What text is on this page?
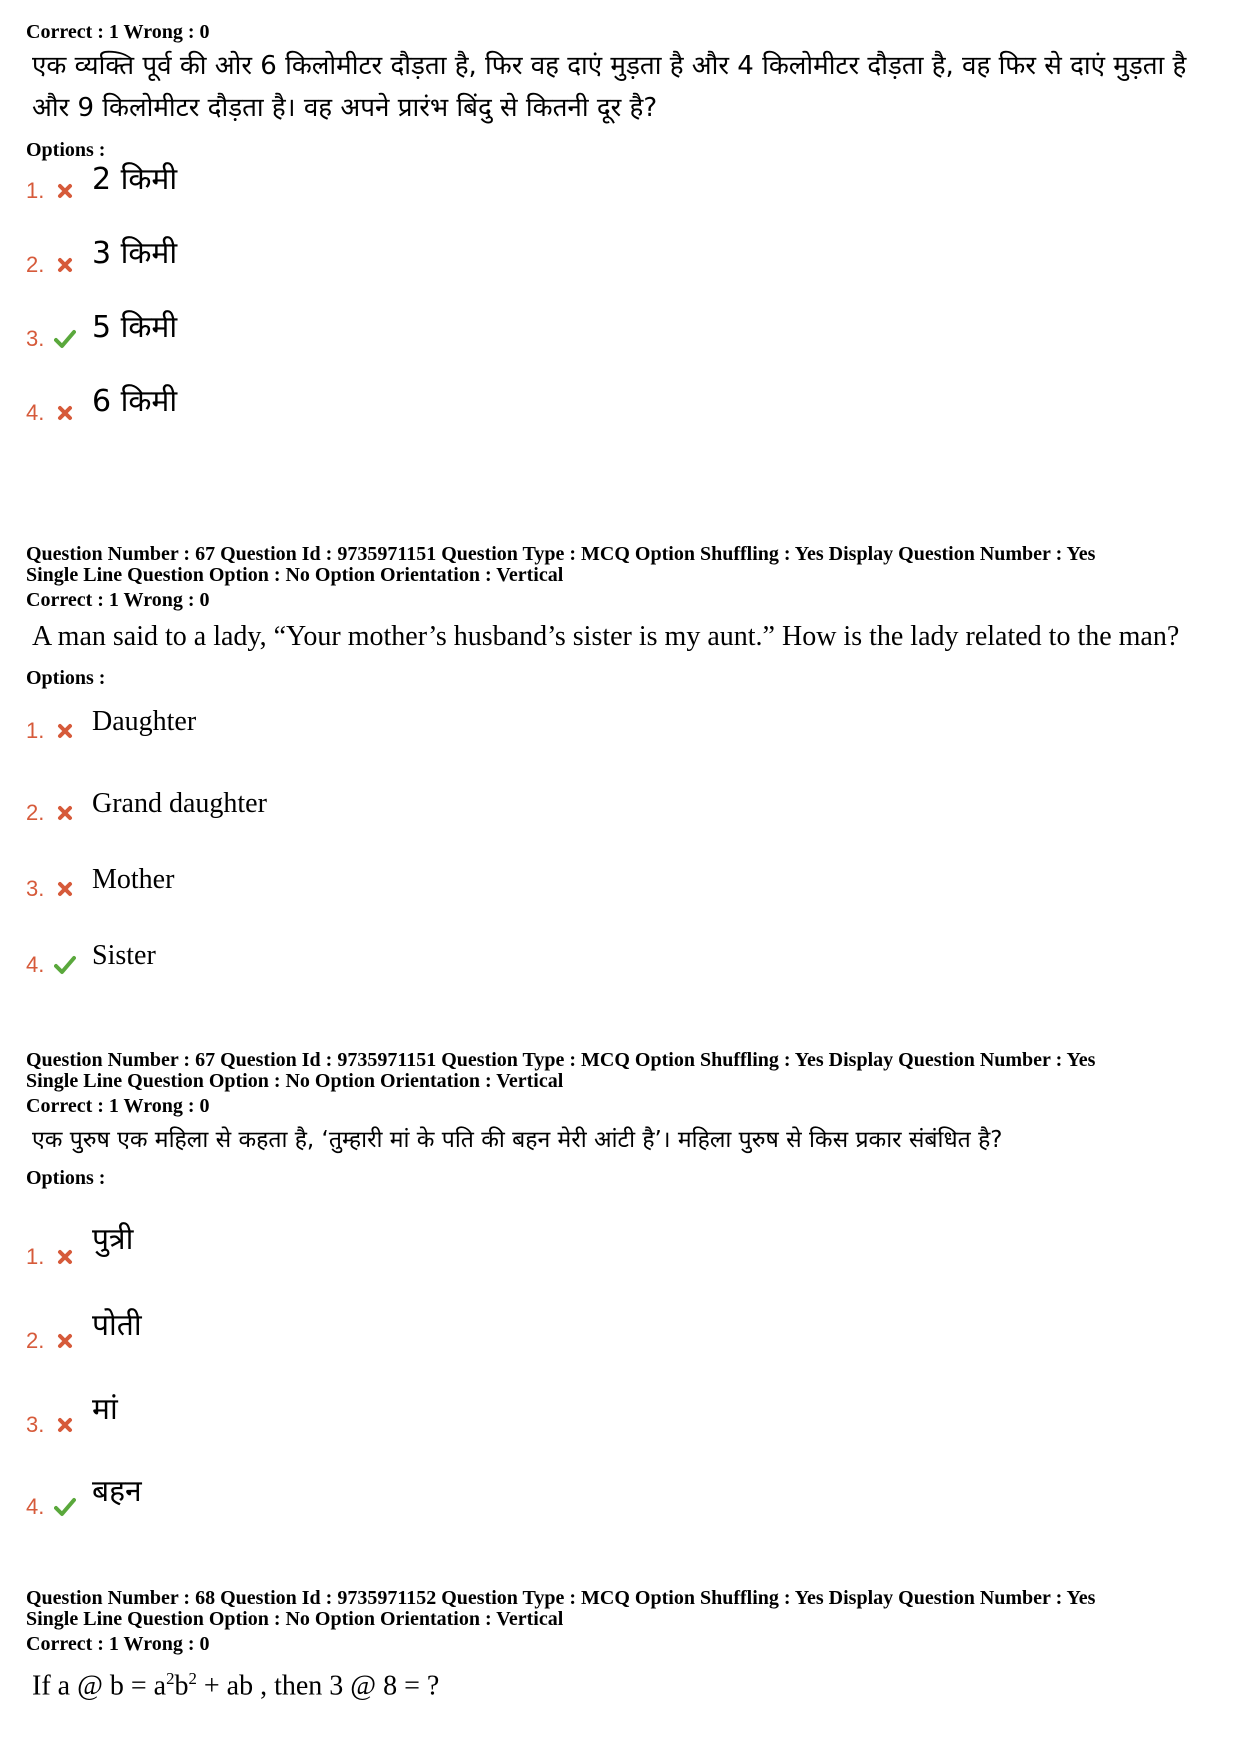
Correct : 1 Wrong : 0
एक व्यक्ति पूर्व की ओर 6 किलोमीटर दौड़ता है, फिर वह दाएं मुड़ता है और 4 किलोमीटर दौड़ता है, वह फिर से दाएं मुड़ता है और 9 किलोमीटर दौड़ता है। वह अपने प्रारंभ बिंदु से कितनी दूर है?
Options :
1. 2 किमी
2. 3 किमी
3. 5 किमी
4. 6 किमी
Question Number : 67 Question Id : 9735971151 Question Type : MCQ Option Shuffling : Yes Display Question Number : Yes
Single Line Question Option : No Option Orientation : Vertical
Correct : 1 Wrong : 0
A man said to a lady, “Your mother’s husband’s sister is my aunt.” How is the lady related to the man?
Options :
1. Daughter
2. Grand daughter
3. Mother
4. Sister
Question Number : 67 Question Id : 9735971151 Question Type : MCQ Option Shuffling : Yes Display Question Number : Yes
Single Line Question Option : No Option Orientation : Vertical
Correct : 1 Wrong : 0
एक पुरुष एक महिला से कहता है, ‘तुम्हारी मां के पति की बहन मेरी आंटी है’। महिला पुरुष से किस प्रकार संबंधित है?
Options :
1. पुत्री
2. पोती
3. मां
4. बहन
Question Number : 68 Question Id : 9735971152 Question Type : MCQ Option Shuffling : Yes Display Question Number : Yes
Single Line Question Option : No Option Orientation : Vertical
Correct : 1 Wrong : 0
If a @ $b = a^2b^2$ + ab , then 3 @ 8 = ?
